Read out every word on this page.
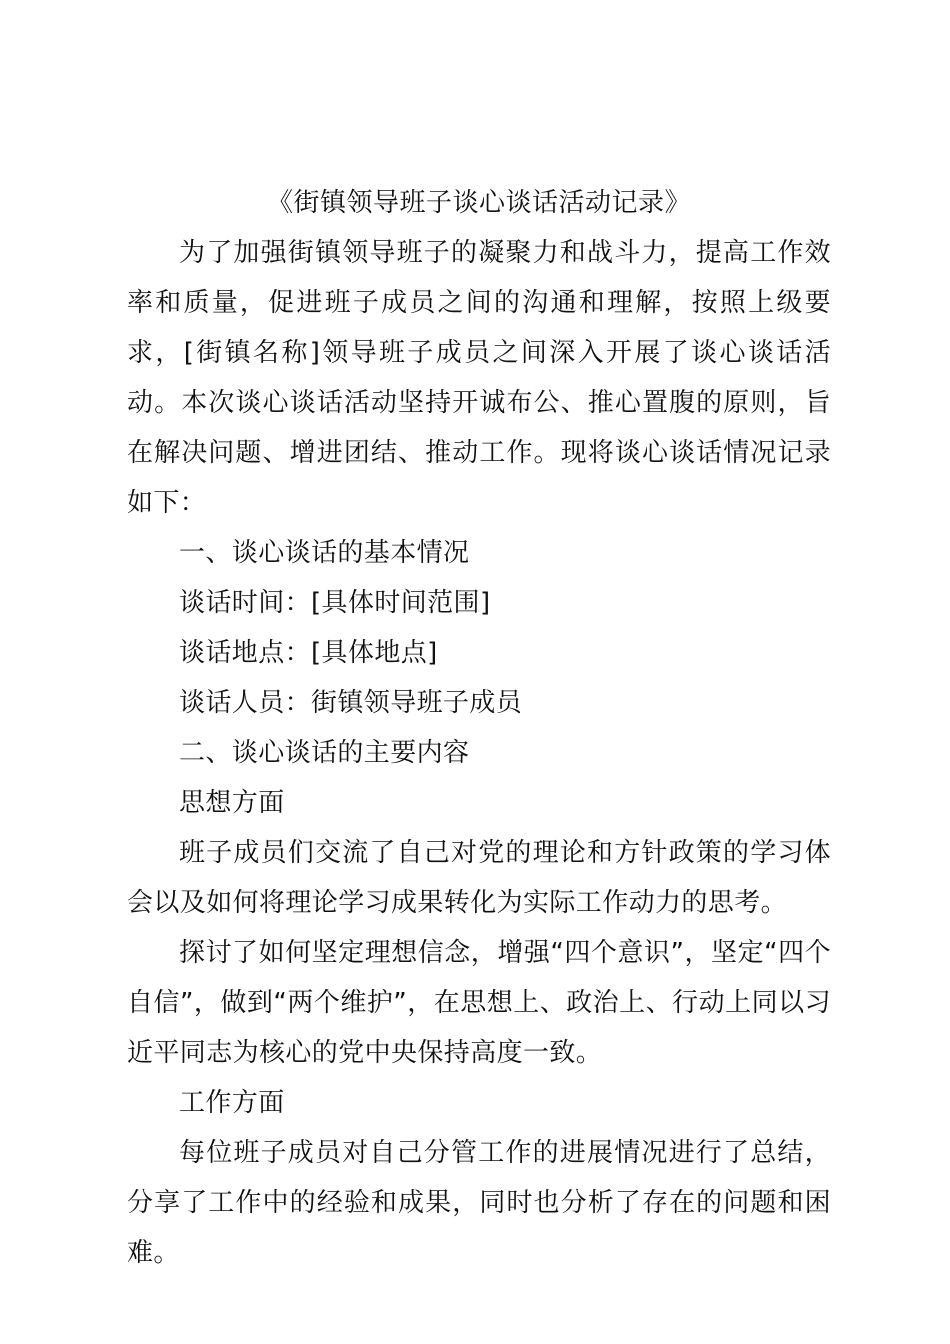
《街镇领导班子谈心谈话活动记录》

为了加强街镇领导班子的凝聚力和战斗力，提高工作效率和质量，促进班子成员之间的沟通和理解，按照上级要求，[街镇名称]领导班子成员之间深入开展了谈心谈话活动。本次谈心谈话活动坚持开诚布公、推心置腹的原则，旨在解决问题、增进团结、推动工作。现将谈心谈话情况记录如下：

一、谈心谈话的基本情况

谈话时间：[具体时间范围]

谈话地点：[具体地点]

谈话人员：街镇领导班子成员

二、谈心谈话的主要内容

思想方面

班子成员们交流了自己对党的理论和方针政策的学习体会以及如何将理论学习成果转化为实际工作动力的思考。

探讨了如何坚定理想信念，增强“四个意识”，坚定“四个自信”，做到“两个维护”，在思想上、政治上、行动上同以习近平同志为核心的党中央保持高度一致。

工作方面

每位班子成员对自己分管工作的进展情况进行了总结，分享了工作中的经验和成果，同时也分析了存在的问题和困难。
